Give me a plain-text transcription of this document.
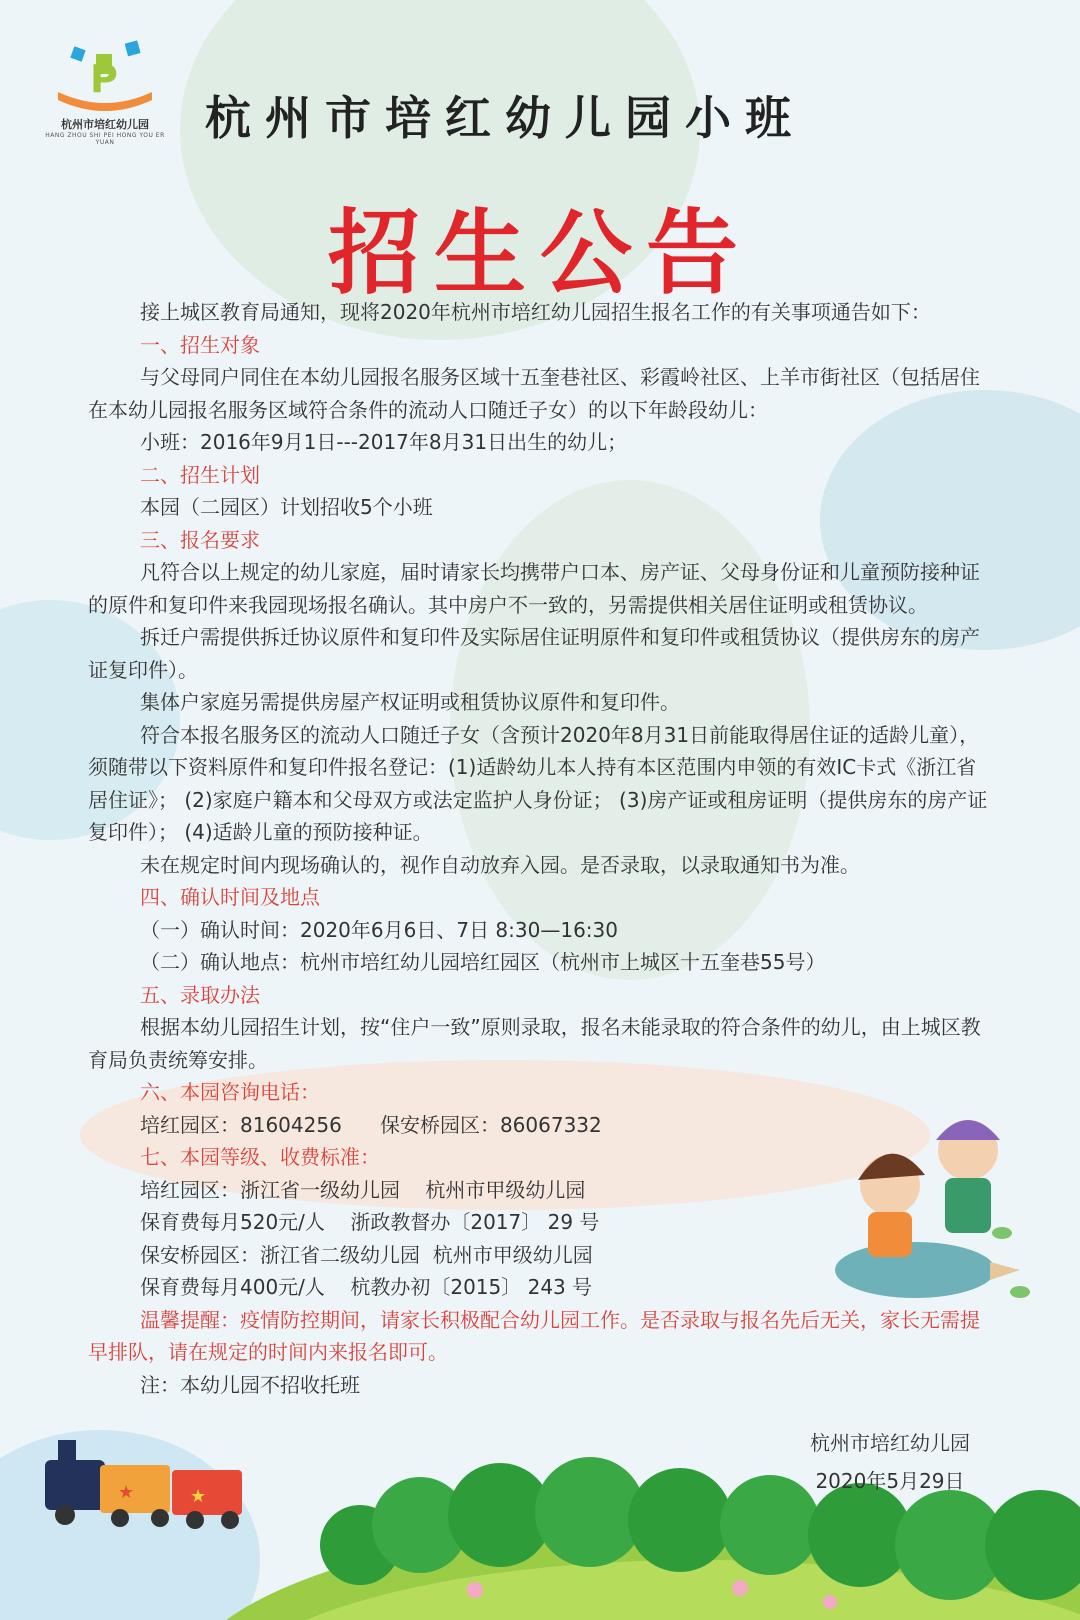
★	★
P
杭州市培红幼儿园
HANG ZHOU SHI PEI HONG YOU ER YUAN	杭州市培红幼儿园小班
招生公告

接上城区教育局通知，现将2020年杭州市培红幼儿园招生报名工作的有关事项通告如下：

一、招生对象

与父母同户同住在本幼儿园报名服务区域十五奎巷社区、彩霞岭社区、上羊市街社区（包括居住在本幼儿园报名服务区域符合条件的流动人口随迁子女）的以下年龄段幼儿：

小班：2016年9月1日---2017年8月31日出生的幼儿；

二、招生计划

本园（二园区）计划招收5个小班

三、报名要求

凡符合以上规定的幼儿家庭，届时请家长均携带户口本、房产证、父母身份证和儿童预防接种证的原件和复印件来我园现场报名确认。其中房户不一致的，另需提供相关居住证明或租赁协议。

拆迁户需提供拆迁协议原件和复印件及实际居住证明原件和复印件或租赁协议（提供房东的房产证复印件）。

集体户家庭另需提供房屋产权证明或租赁协议原件和复印件。

符合本报名服务区的流动人口随迁子女（含预计2020年8月31日前能取得居住证的适龄儿童），须随带以下资料原件和复印件报名登记：(1)适龄幼儿本人持有本区范围内申领的有效IC卡式《浙江省居住证》； (2)家庭户籍本和父母双方或法定监护人身份证； (3)房产证或租房证明（提供房东的房产证复印件）； (4)适龄儿童的预防接种证。

未在规定时间内现场确认的，视作自动放弃入园。是否录取，以录取通知书为准。

四、确认时间及地点

（一）确认时间：2020年6月6日、7日 8:30—16:30

（二）确认地点：杭州市培红幼儿园培红园区（杭州市上城区十五奎巷55号）

五、录取办法

根据本幼儿园招生计划，按“住户一致”原则录取，报名未能录取的符合条件的幼儿，由上城区教育局负责统筹安排。

六、本园咨询电话：

培红园区：81604256      保安桥园区：86067332

七、本园等级、收费标准：

培红园区：浙江省一级幼儿园    杭州市甲级幼儿园

保育费每月520元/人    浙政教督办〔2017〕 29 号

保安桥园区：浙江省二级幼儿园  杭州市甲级幼儿园

保育费每月400元/人    杭教办初〔2015〕 243 号

温馨提醒：疫情防控期间，请家长积极配合幼儿园工作。是否录取与报名先后无关，家长无需提早排队，请在规定的时间内来报名即可。

注：本幼儿园不招收托班

杭州市培红幼儿园
2020年5月29日
